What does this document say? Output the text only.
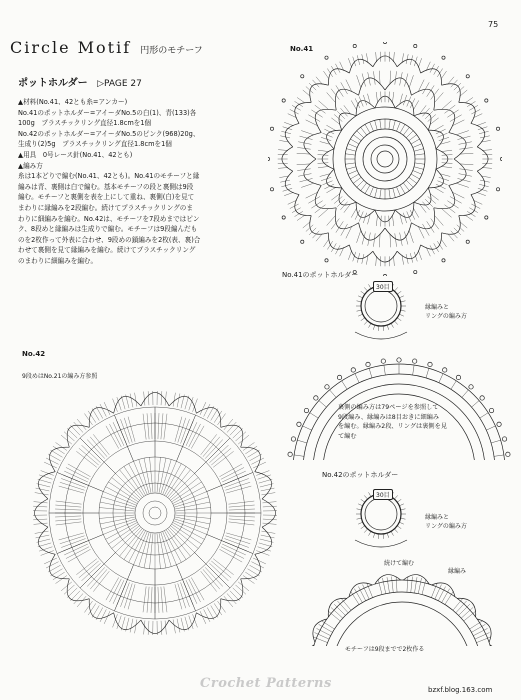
75
Circle Motif 円形のモチーフ
ポットホルダー ▷PAGE 27
▲材料(No.41、42とも糸=アンカー)
No.41のポットホルダー=アイーダNo.5の白(1)、青(133)各
100g　プラスチックリング直径1.8cmを1個
No.42のポットホルダー=アイーダNo.5のピンク(968)20g、
生成り(2)5g　プラスチックリング直径1.8cmを1個
▲用具　0号レース針(No.41、42とも)
▲編み方
糸は1本どりで編む(No.41、42とも)。No.41のモチーフと縁
編みは青、裏側は白で編む。基本モチーフの段と裏側は9段
編む。モチーフと裏側を表を上にして重ね、裏側(白)を見て
まわりに縁編みを2段編む。続けてプラスチックリングのま
わりに細編みを編む。No.42は、モチーフを7段めまではピン
ク、8段めと縁編みは生成りで編む。モチーフは9段編んだも
のを2枚作って外表に合わせ、9段めの鎖編みを2枚(表、裏)合
わせて裏側を見て縁編みを編む。続けてプラスチックリング
のまわりに細編みを編む。
No.41
No.41のポットホルダー
30目
縁編みと
リングの編み方
裏側の編み方は79ページを参照して
9段編み、縁編みは8目おきに細編み
を編む。縁編み2段、リングは裏側を見
て編む
No.42
9段めはNo.21の編み方参照
No.42のポットホルダー
30目
縁編みと
リングの編み方
続けて編む
縁編み
モチーフは9段までで2枚作る
Crochet Patterns	bzxf.blog.163.com
